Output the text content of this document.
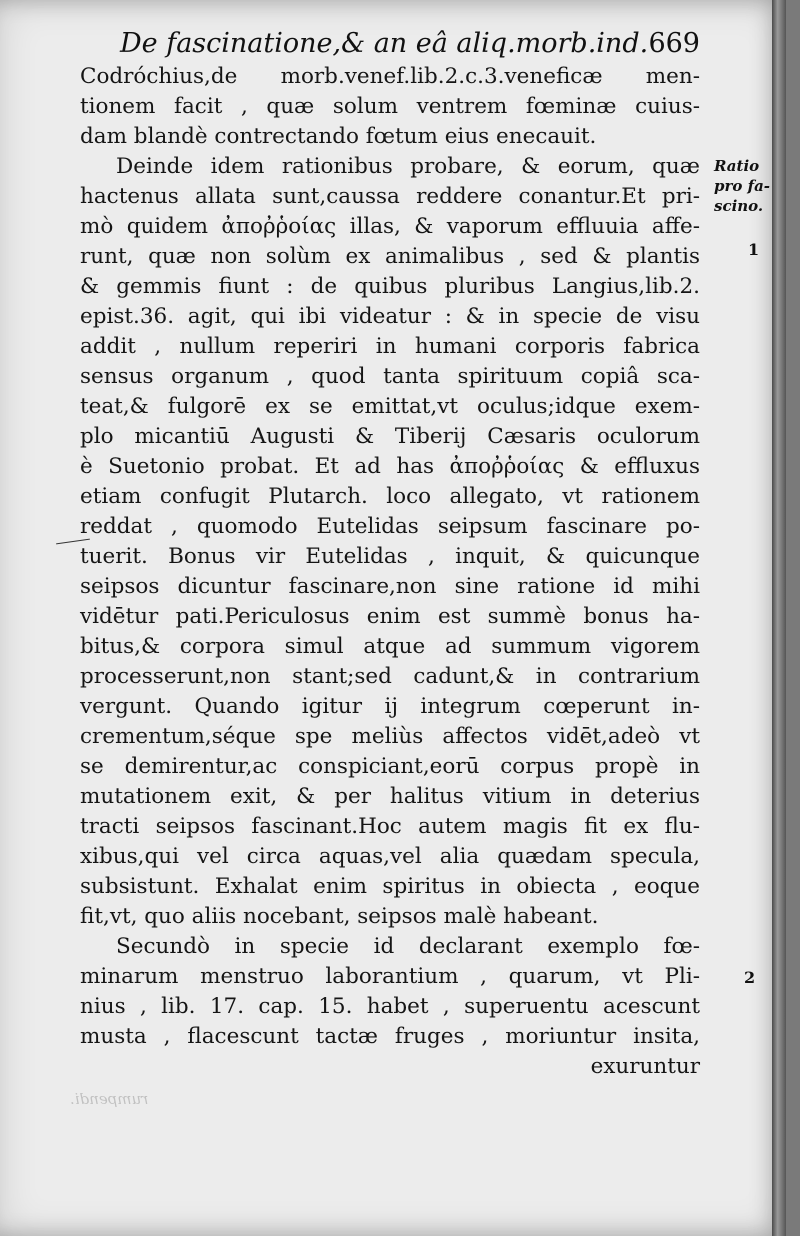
De fascinatione,& an eâ aliq.morb.ind. 669
Codróchius,de morb.venef.lib.2.c.3.veneficæ men-
tionem facit , quæ solum ventrem fœminæ cuius-
dam blandè contrectando fœtum eius enecauit.
Deinde idem rationibus probare, & eorum, quæ
hactenus allata sunt,caussa reddere conantur.Et pri-
mò quidem ἀποῤῥοίας illas, & vaporum effluuia affe-
runt, quæ non solùm ex animalibus , sed & plantis
& gemmis fiunt : de quibus pluribus Langius,lib.2.
epist.36. agit, qui ibi videatur : & in specie de visu
addit , nullum reperiri in humani corporis fabrica
sensus organum , quod tanta spirituum copiâ sca-
teat,& fulgorē ex se emittat,vt oculus;idque exem-
plo micantiū Augusti & Tiberij Cæsaris oculorum
è Suetonio probat. Et ad has ἀποῤῥοίας & effluxus
etiam confugit Plutarch. loco allegato, vt rationem
reddat , quomodo Eutelidas seipsum fascinare po-
tuerit. Bonus vir Eutelidas , inquit, & quicunque
seipsos dicuntur fascinare,non sine ratione id mihi
vidētur pati.Periculosus enim est summè bonus ha-
bitus,& corpora simul atque ad summum vigorem
processerunt,non stant;sed cadunt,& in contrarium
vergunt. Quando igitur ij integrum cœperunt in-
crementum,séque spe meliùs affectos vidēt,adeò vt
se demirentur,ac conspiciant,eorū corpus propè in
mutationem exit, & per halitus vitium in deterius
tracti seipsos fascinant.Hoc autem magis fit ex flu-
xibus,qui vel circa aquas,vel alia quædam specula,
subsistunt. Exhalat enim spiritus in obiecta , eoque
fit,vt, quo aliis nocebant, seipsos malè habeant.
Secundò in specie id declarant exemplo fœ-
minarum menstruo laborantium , quarum, vt Pli-
nius , lib. 17. cap. 15. habet , superuentu acescunt
musta , flacescunt tactæ fruges , moriuntur insita,
exuruntur
Ratio
pro fa-
scino.
1
2
rumpendi.
